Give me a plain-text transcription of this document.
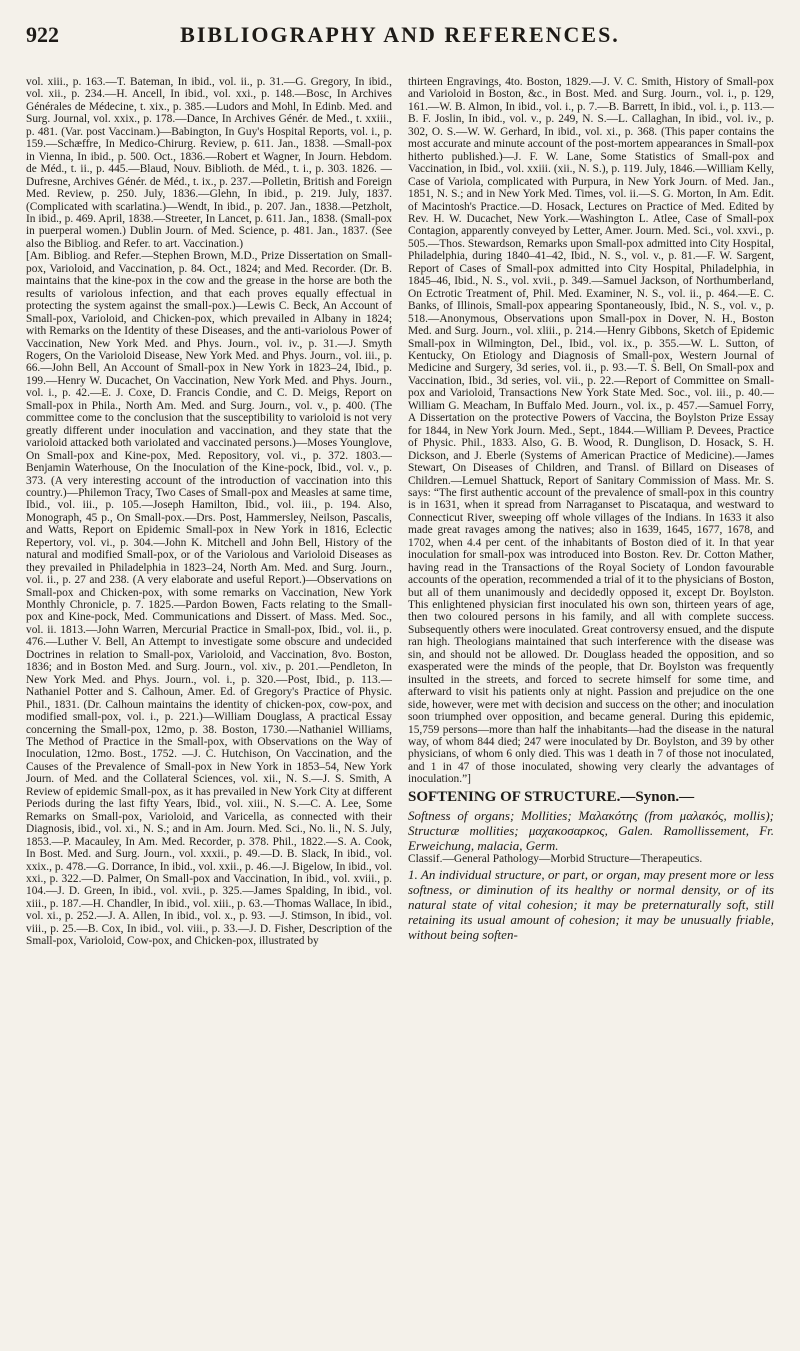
922	BIBLIOGRAPHY AND REFERENCES.

vol. xiii., p. 163.—T. Bateman, In ibid., vol. ii., p. 31.—G. Gregory, In ibid., vol. xii., p. 234.—H. Ancell, In ibid., vol. xxi., p. 148.—Bosc, In Archives Générales de Médecine, t. xix., p. 385.—Ludors and Mohl, In Edinb. Med. and Surg. Journal, vol. xxix., p. 178.—Dance, In Archives Génér. de Med., t. xxiii., p. 481. (Var. post Vaccinam.)—Babington, In Guy's Hospital Reports, vol. i., p. 159.—Schæffre, In Medico-Chirurg. Review, p. 611. Jan., 1838. —Small-pox in Vienna, In ibid., p. 500. Oct., 1836.—Robert et Wagner, In Journ. Hebdom. de Méd., t. ii., p. 445.—Blaud, Nouv. Biblioth. de Méd., t. i., p. 303. 1826. —Dufresne, Archives Génér. de Méd., t. ix., p. 237.—Polletin, British and Foreign Med. Review, p. 250. July, 1836.—Glehn, In ibid., p. 219. July, 1837. (Complicated with scarlatina.)—Wendt, In ibid., p. 207. Jan., 1838.—Petzholt, In ibid., p. 469. April, 1838.—Streeter, In Lancet, p. 611. Jan., 1838. (Small-pox in puerperal women.) Dublin Journ. of Med. Science, p. 481. Jan., 1837. (See also the Bibliog. and Refer. to art. Vaccination.)

[Am. Bibliog. and Refer.—Stephen Brown, M.D., Prize Dissertation on Small-pox, Varioloid, and Vaccination, p. 84. Oct., 1824; and Med. Recorder. (Dr. B. maintains that the kine-pox in the cow and the grease in the horse are both the results of variolous infection, and that each proves equally effectual in protecting the system against the small-pox.)—Lewis C. Beck, An Account of Small-pox, Varioloid, and Chicken-pox, which prevailed in Albany in 1824; with Remarks on the Identity of these Diseases, and the anti-variolous Power of Vaccination, New York Med. and Phys. Journ., vol. iv., p. 31.—J. Smyth Rogers, On the Varioloid Disease, New York Med. and Phys. Journ., vol. iii., p. 66.—John Bell, An Account of Small-pox in New York in 1823–24, Ibid., p. 199.—Henry W. Ducachet, On Vaccination, New York Med. and Phys. Journ., vol. i., p. 42.—E. J. Coxe, D. Francis Condie, and C. D. Meigs, Report on Small-pox in Phila., North Am. Med. and Surg. Journ., vol. v., p. 400. (The committee come to the conclusion that the susceptibility to varioloid is not very greatly different under inoculation and vaccination, and they state that the varioloid attacked both variolated and vaccinated persons.)—Moses Younglove, On Small-pox and Kine-pox, Med. Repository, vol. vi., p. 372. 1803.—Benjamin Waterhouse, On the Inoculation of the Kine-pock, Ibid., vol. v., p. 373. (A very interesting account of the introduction of vaccination into this country.)—Philemon Tracy, Two Cases of Small-pox and Measles at same time, Ibid., vol. iii., p. 105.—Joseph Hamilton, Ibid., vol. iii., p. 194. Also, Monograph, 45 p., On Small-pox.—Drs. Post, Hammersley, Neilson, Pascalis, and Watts, Report on Epidemic Small-pox in New York in 1816, Eclectic Repertory, vol. vi., p. 304.—John K. Mitchell and John Bell, History of the natural and modified Small-pox, or of the Variolous and Varioloid Diseases as they prevailed in Philadelphia in 1823–24, North Am. Med. and Surg. Journ., vol. ii., p. 27 and 238. (A very elaborate and useful Report.)—Observations on Small-pox and Chicken-pox, with some remarks on Vaccination, New York Monthly Chronicle, p. 7. 1825.—Pardon Bowen, Facts relating to the Small-pox and Kine-pock, Med. Communications and Dissert. of Mass. Med. Soc., vol. ii. 1813.—John Warren, Mercurial Practice in Small-pox, Ibid., vol. ii., p. 476.—Luther V. Bell, An Attempt to investigate some obscure and undecided Doctrines in relation to Small-pox, Varioloid, and Vaccination, 8vo. Boston, 1836; and in Boston Med. and Surg. Journ., vol. xiv., p. 201.—Pendleton, In New York Med. and Phys. Journ., vol. i., p. 320.—Post, Ibid., p. 113.—Nathaniel Potter and S. Calhoun, Amer. Ed. of Gregory's Practice of Physic. Phil., 1831. (Dr. Calhoun maintains the identity of chicken-pox, cow-pox, and modified small-pox, vol. i., p. 221.)—William Douglass, A practical Essay concerning the Small-pox, 12mo, p. 38. Boston, 1730.—Nathaniel Williams, The Method of Practice in the Small-pox, with Observations on the Way of Inoculation, 12mo. Bost., 1752. —J. C. Hutchison, On Vaccination, and the Causes of the Prevalence of Small-pox in New York in 1853–54, New York Journ. of Med. and the Collateral Sciences, vol. xii., N. S.—J. S. Smith, A Review of epidemic Small-pox, as it has prevailed in New York City at different Periods during the last fifty Years, Ibid., vol. xiii., N. S.—C. A. Lee, Some Remarks on Small-pox, Varioloid, and Varicella, as connected with their Diagnosis, ibid., vol. xi., N. S.; and in Am. Journ. Med. Sci., No. li., N. S. July, 1853.—P. Macauley, In Am. Med. Recorder, p. 378. Phil., 1822.—S. A. Cook, In Bost. Med. and Surg. Journ., vol. xxxii., p. 49.—D. B. Slack, In ibid., vol. xxix., p. 478.—G. Dorrance, In ibid., vol. xxii., p. 46.—J. Bigelow, In ibid., vol. xxi., p. 322.—D. Palmer, On Small-pox and Vaccination, In ibid., vol. xviii., p. 104.—J. D. Green, In ibid., vol. xvii., p. 325.—James Spalding, In ibid., vol. xiii., p. 187.—H. Chandler, In ibid., vol. xiii., p. 63.—Thomas Wallace, In ibid., vol. xi., p. 252.—J. A. Allen, In ibid., vol. x., p. 93. —J. Stimson, In ibid., vol. viii., p. 25.—B. Cox, In ibid., vol. viii., p. 33.—J. D. Fisher, Description of the Small-pox, Varioloid, Cow-pox, and Chicken-pox, illustrated by

thirteen Engravings, 4to. Boston, 1829.—J. V. C. Smith, History of Small-pox and Varioloid in Boston, &c., in Bost. Med. and Surg. Journ., vol. i., p. 129, 161.—W. B. Almon, In ibid., vol. i., p. 7.—B. Barrett, In ibid., vol. i., p. 113.—B. F. Joslin, In ibid., vol. v., p. 249, N. S.—L. Callaghan, In ibid., vol. iv., p. 302, O. S.—W. W. Gerhard, In ibid., vol. xi., p. 368. (This paper contains the most accurate and minute account of the post-mortem appearances in Small-pox hitherto published.)—J. F. W. Lane, Some Statistics of Small-pox and Vaccination, in Ibid., vol. xxiii. (xii., N. S.), p. 119. July, 1846.—William Kelly, Case of Variola, complicated with Purpura, in New York Journ. of Med. Jan., 1851, N. S.; and in New York Med. Times, vol. ii.—S. G. Morton, In Am. Edit. of Macintosh's Practice.—D. Hosack, Lectures on Practice of Med. Edited by Rev. H. W. Ducachet, New York.—Washington L. Atlee, Case of Small-pox Contagion, apparently conveyed by Letter, Amer. Journ. Med. Sci., vol. xxvi., p. 505.—Thos. Stewardson, Remarks upon Small-pox admitted into City Hospital, Philadelphia, during 1840–41–42, Ibid., N. S., vol. v., p. 81.—F. W. Sargent, Report of Cases of Small-pox admitted into City Hospital, Philadelphia, in 1845–46, Ibid., N. S., vol. xvii., p. 349.—Samuel Jackson, of Northumberland, On Ectrotic Treatment of, Phil. Med. Examiner, N. S., vol. ii., p. 464.—E. C. Banks, of Illinois, Small-pox appearing Spontaneously, Ibid., N. S., vol. v., p. 518.—Anonymous, Observations upon Small-pox in Dover, N. H., Boston Med. and Surg. Journ., vol. xliii., p. 214.—Henry Gibbons, Sketch of Epidemic Small-pox in Wilmington, Del., Ibid., vol. ix., p. 355.—W. L. Sutton, of Kentucky, On Etiology and Diagnosis of Small-pox, Western Journal of Medicine and Surgery, 3d series, vol. ii., p. 93.—T. S. Bell, On Small-pox and Vaccination, Ibid., 3d series, vol. vii., p. 22.—Report of Committee on Small-pox and Varioloid, Transactions New York State Med. Soc., vol. iii., p. 40.—William G. Meacham, In Buffalo Med. Journ., vol. ix., p. 457.—Samuel Forry, A Dissertation on the protective Powers of Vaccina, the Boylston Prize Essay for 1844, in New York Journ. Med., Sept., 1844.—William P. Devees, Practice of Physic. Phil., 1833. Also, G. B. Wood, R. Dunglison, D. Hosack, S. H. Dickson, and J. Eberle (Systems of American Practice of Medicine).—James Stewart, On Diseases of Children, and Transl. of Billard on Diseases of Children.—Lemuel Shattuck, Report of Sanitary Commission of Mass. Mr. S. says: “The first authentic account of the prevalence of small-pox in this country is in 1631, when it spread from Narraganset to Piscataqua, and westward to Connecticut River, sweeping off whole villages of the Indians. In 1633 it also made great ravages among the natives; also in 1639, 1645, 1677, 1678, and 1702, when 4.4 per cent. of the inhabitants of Boston died of it. In that year inoculation for small-pox was introduced into Boston. Rev. Dr. Cotton Mather, having read in the Transactions of the Royal Society of London favourable accounts of the operation, recommended a trial of it to the physicians of Boston, but all of them unanimously and decidedly opposed it, except Dr. Boylston. This enlightened physician first inoculated his own son, thirteen years of age, then two coloured persons in his family, and all with complete success. Subsequently others were inoculated. Great controversy ensued, and the dispute ran high. Theologians maintained that such interference with the disease was sin, and should not be allowed. Dr. Douglass headed the opposition, and so exasperated were the minds of the people, that Dr. Boylston was frequently insulted in the streets, and forced to secrete himself for some time, and afterward to visit his patients only at night. Passion and prejudice on the one side, however, were met with decision and success on the other; and inoculation soon triumphed over opposition, and became general. During this epidemic, 15,759 persons—more than half the inhabitants—had the disease in the natural way, of whom 844 died; 247 were inoculated by Dr. Boylston, and 39 by other physicians, of whom 6 only died. This was 1 death in 7 of those not inoculated, and 1 in 47 of those inoculated, showing very clearly the advantages of inoculation.”]

SOFTENING OF STRUCTURE.—Synon.—

Softness of organs; Mollities; Μαλακότης (from μαλακός, mollis); Structuræ mollities; μαχακοσαρκος, Galen. Ramollissement, Fr. Erweichung, malacia, Germ.

Classif.—General Pathology—Morbid Structure—Therapeutics.

1. An individual structure, or part, or organ, may present more or less softness, or diminution of its healthy or normal density, or of its natural state of vital cohesion; it may be preternaturally soft, still retaining its usual amount of cohesion; it may be unusually friable, without being soften-
